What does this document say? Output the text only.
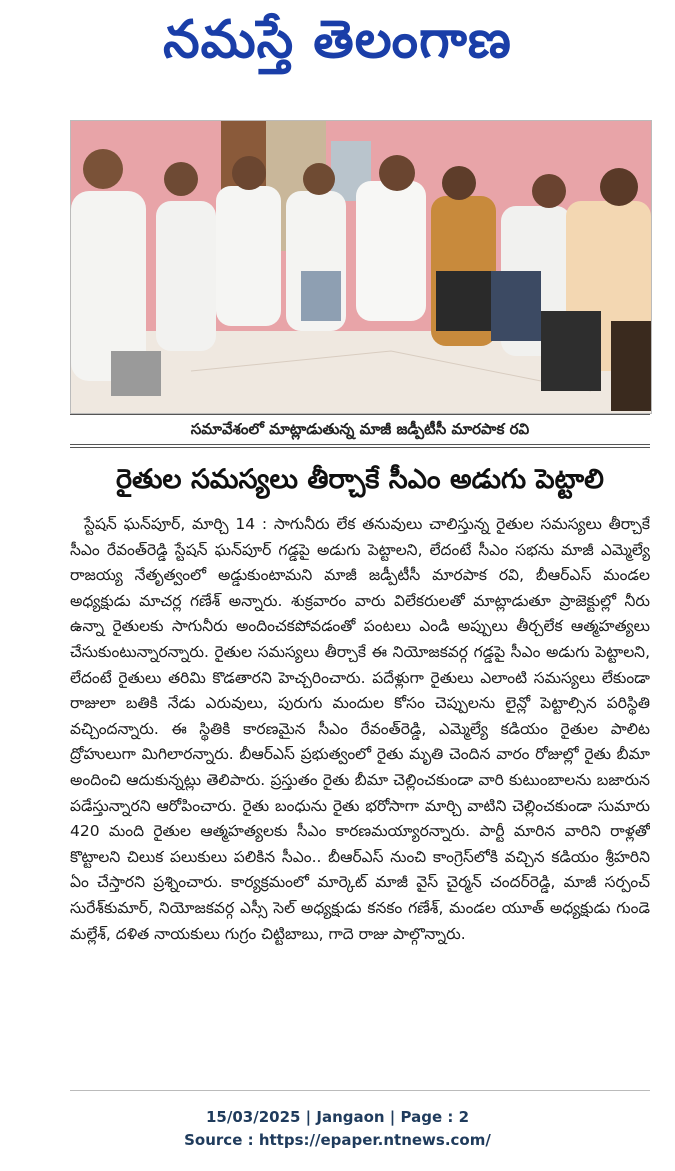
నమస్తే తెలంగాణ
సమావేశంలో మాట్లాడుతున్న మాజీ జడ్పీటీసీ మారపాక రవి
రైతుల సమస్యలు తీర్చాకే సీఎం అడుగు పెట్టాలి
స్టేషన్ ఘన్‌పూర్, మార్చి 14 : సాగునీరు లేక తనువులు చాలిస్తున్న రైతుల సమస్యలు తీర్చాకే సీఎం రేవంత్‌రెడ్డి స్టేషన్ ఘన్‌పూర్ గడ్డపై అడుగు పెట్టాలని, లేదంటే సీఎం సభను మాజీ ఎమ్మెల్యే రాజయ్య నేతృత్వంలో అడ్డుకుంటామని మాజీ జడ్పీటీసీ మారపాక రవి, బీఆర్‌ఎస్ మండల అధ్యక్షుడు మాచర్ల గణేశ్ అన్నారు. శుక్రవారం వారు విలేకరులతో మాట్లాడుతూ ప్రాజెక్టుల్లో నీరు ఉన్నా రైతులకు సాగునీరు అందించకపోవడంతో పంటలు ఎండి అప్పులు తీర్చలేక ఆత్మహత్యలు చేసుకుంటున్నారన్నారు. రైతుల సమస్యలు తీర్చాకే ఈ నియోజకవర్గ గడ్డపై సీఎం అడుగు పెట్టాలని, లేదంటే రైతులు తరిమి కొడతారని హెచ్చరించారు. పదేళ్లుగా రైతులు ఎలాంటి సమస్యలు లేకుండా రాజులా బతికి నేడు ఎరువులు, పురుగు మందుల కోసం చెప్పులను లైన్లో పెట్టాల్సిన పరిస్థితి వచ్చిందన్నారు. ఈ స్థితికి కారణమైన సీఎం రేవంత్‌రెడ్డి, ఎమ్మెల్యే కడియం రైతుల పాలిట ద్రోహులుగా మిగిలారన్నారు. బీఆర్‌ఎస్ ప్రభుత్వంలో రైతు మృతి చెందిన వారం రోజుల్లో రైతు బీమా అందించి ఆదుకున్నట్లు తెలిపారు. ప్రస్తుతం రైతు బీమా చెల్లించకుండా వారి కుటుంబాలను బజారున పడేస్తున్నారని ఆరోపించారు. రైతు బంధును రైతు భరోసాగా మార్చి వాటిని చెల్లించకుండా సుమారు 420 మంది రైతుల ఆత్మహత్యలకు సీఎం కారణమయ్యారన్నారు. పార్టీ మారిన వారిని రాళ్లతో కొట్టాలని చిలుక పలుకులు పలికిన సీఎం.. బీఆర్‌ఎస్ నుంచి కాంగ్రెస్‌లోకి వచ్చిన కడియం శ్రీహరిని ఏం చేస్తారని ప్రశ్నించారు. కార్యక్రమంలో మార్కెట్ మాజీ వైస్ చైర్మన్ చందర్‌రెడ్డి, మాజీ సర్పంచ్ సురేశ్‌కుమార్, నియోజకవర్గ ఎస్సీ సెల్ అధ్యక్షుడు కనకం గణేశ్, మండల యూత్ అధ్యక్షుడు గుండె మల్లేశ్, దళిత నాయకులు గుగ్రం చిట్టిబాబు, గాదె రాజు పాల్గొన్నారు.
15/03/2025 | Jangaon | Page : 2
Source : https://epaper.ntnews.com/
